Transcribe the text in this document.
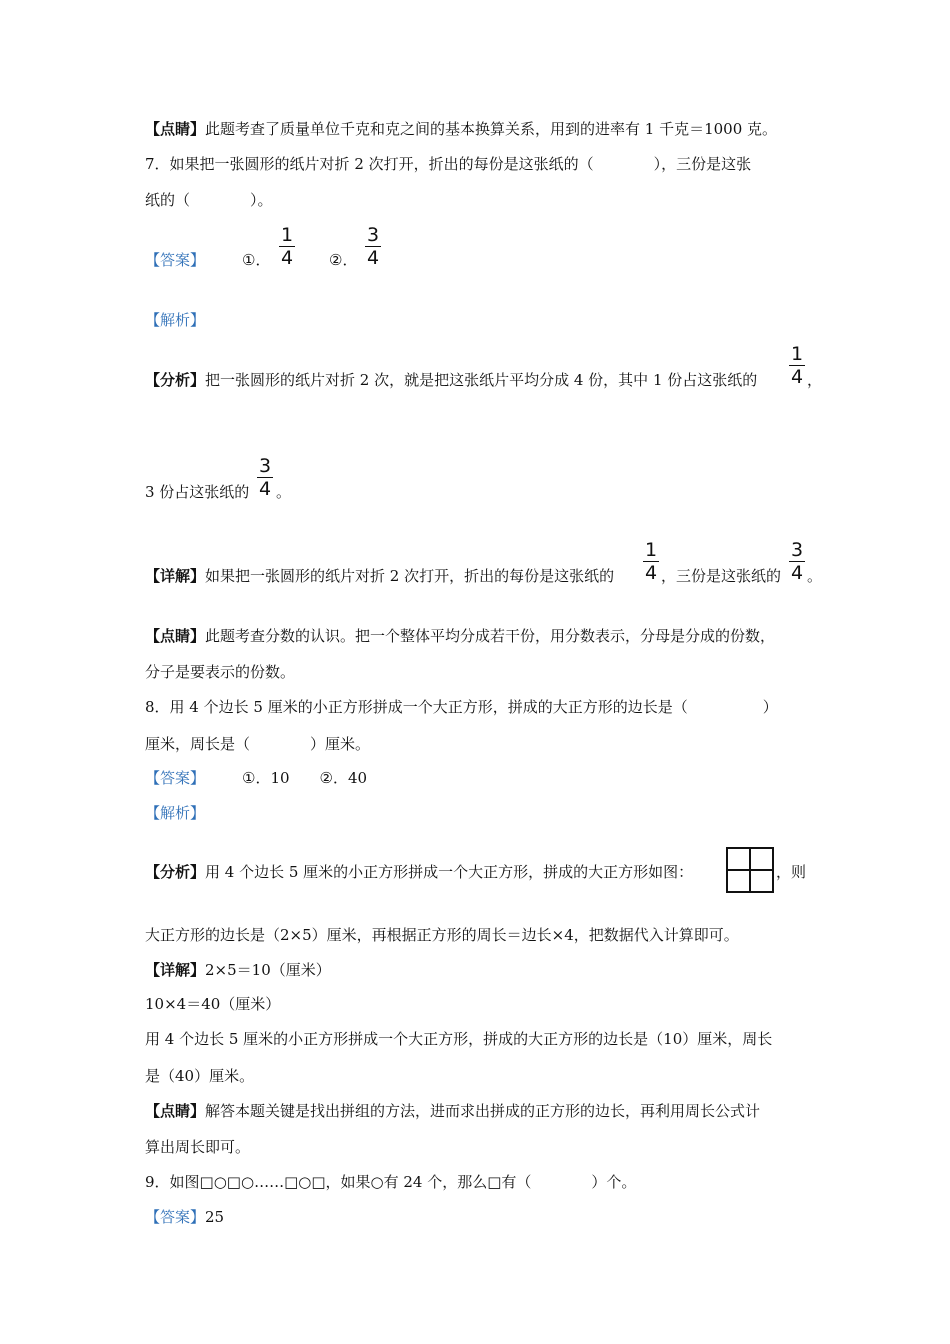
【点睛】此题考查了质量单位千克和克之间的基本换算关系，用到的进率有 1 千克＝1000 克。
7．如果把一张圆形的纸片对折 2 次打开，折出的每份是这张纸的（　　　　），三份是这张
纸的（　　　　）。
【答案】 ①．
1
4 ②．
3
4
【解析】
【分析】把一张圆形的纸片对折 2 次，就是把这张纸片平均分成 4 份，其中 1 份占这张纸的
1
4 ，
3 份占这张纸的
3
4 。
【详解】如果把一张圆形的纸片对折 2 次打开，折出的每份是这张纸的
1
4 ，三份是这张纸的
3
4 。
【点睛】此题考查分数的认识。把一个整体平均分成若干份，用分数表示，分母是分成的份数，
分子是要表示的份数。
8．用 4 个边长 5 厘米的小正方形拼成一个大正方形，拼成的大正方形的边长是（　　　　　）
厘米，周长是（　　　　）厘米。
【答案】 ①．10　　②．40
【解析】
【分析】用 4 个边长 5 厘米的小正方形拼成一个大正方形，拼成的大正方形如图：	，则
大正方形的边长是（2×5）厘米，再根据正方形的周长＝边长×4，把数据代入计算即可。
【详解】2×5＝10（厘米）
10×4＝40（厘米）
用 4 个边长 5 厘米的小正方形拼成一个大正方形，拼成的大正方形的边长是（10）厘米，周长
是（40）厘米。
【点睛】解答本题关键是找出拼组的方法，进而求出拼成的正方形的边长，再利用周长公式计
算出周长即可。
9．如图□○□○……□○□，如果○有 24 个，那么□有（　　　　）个。
【答案】25
